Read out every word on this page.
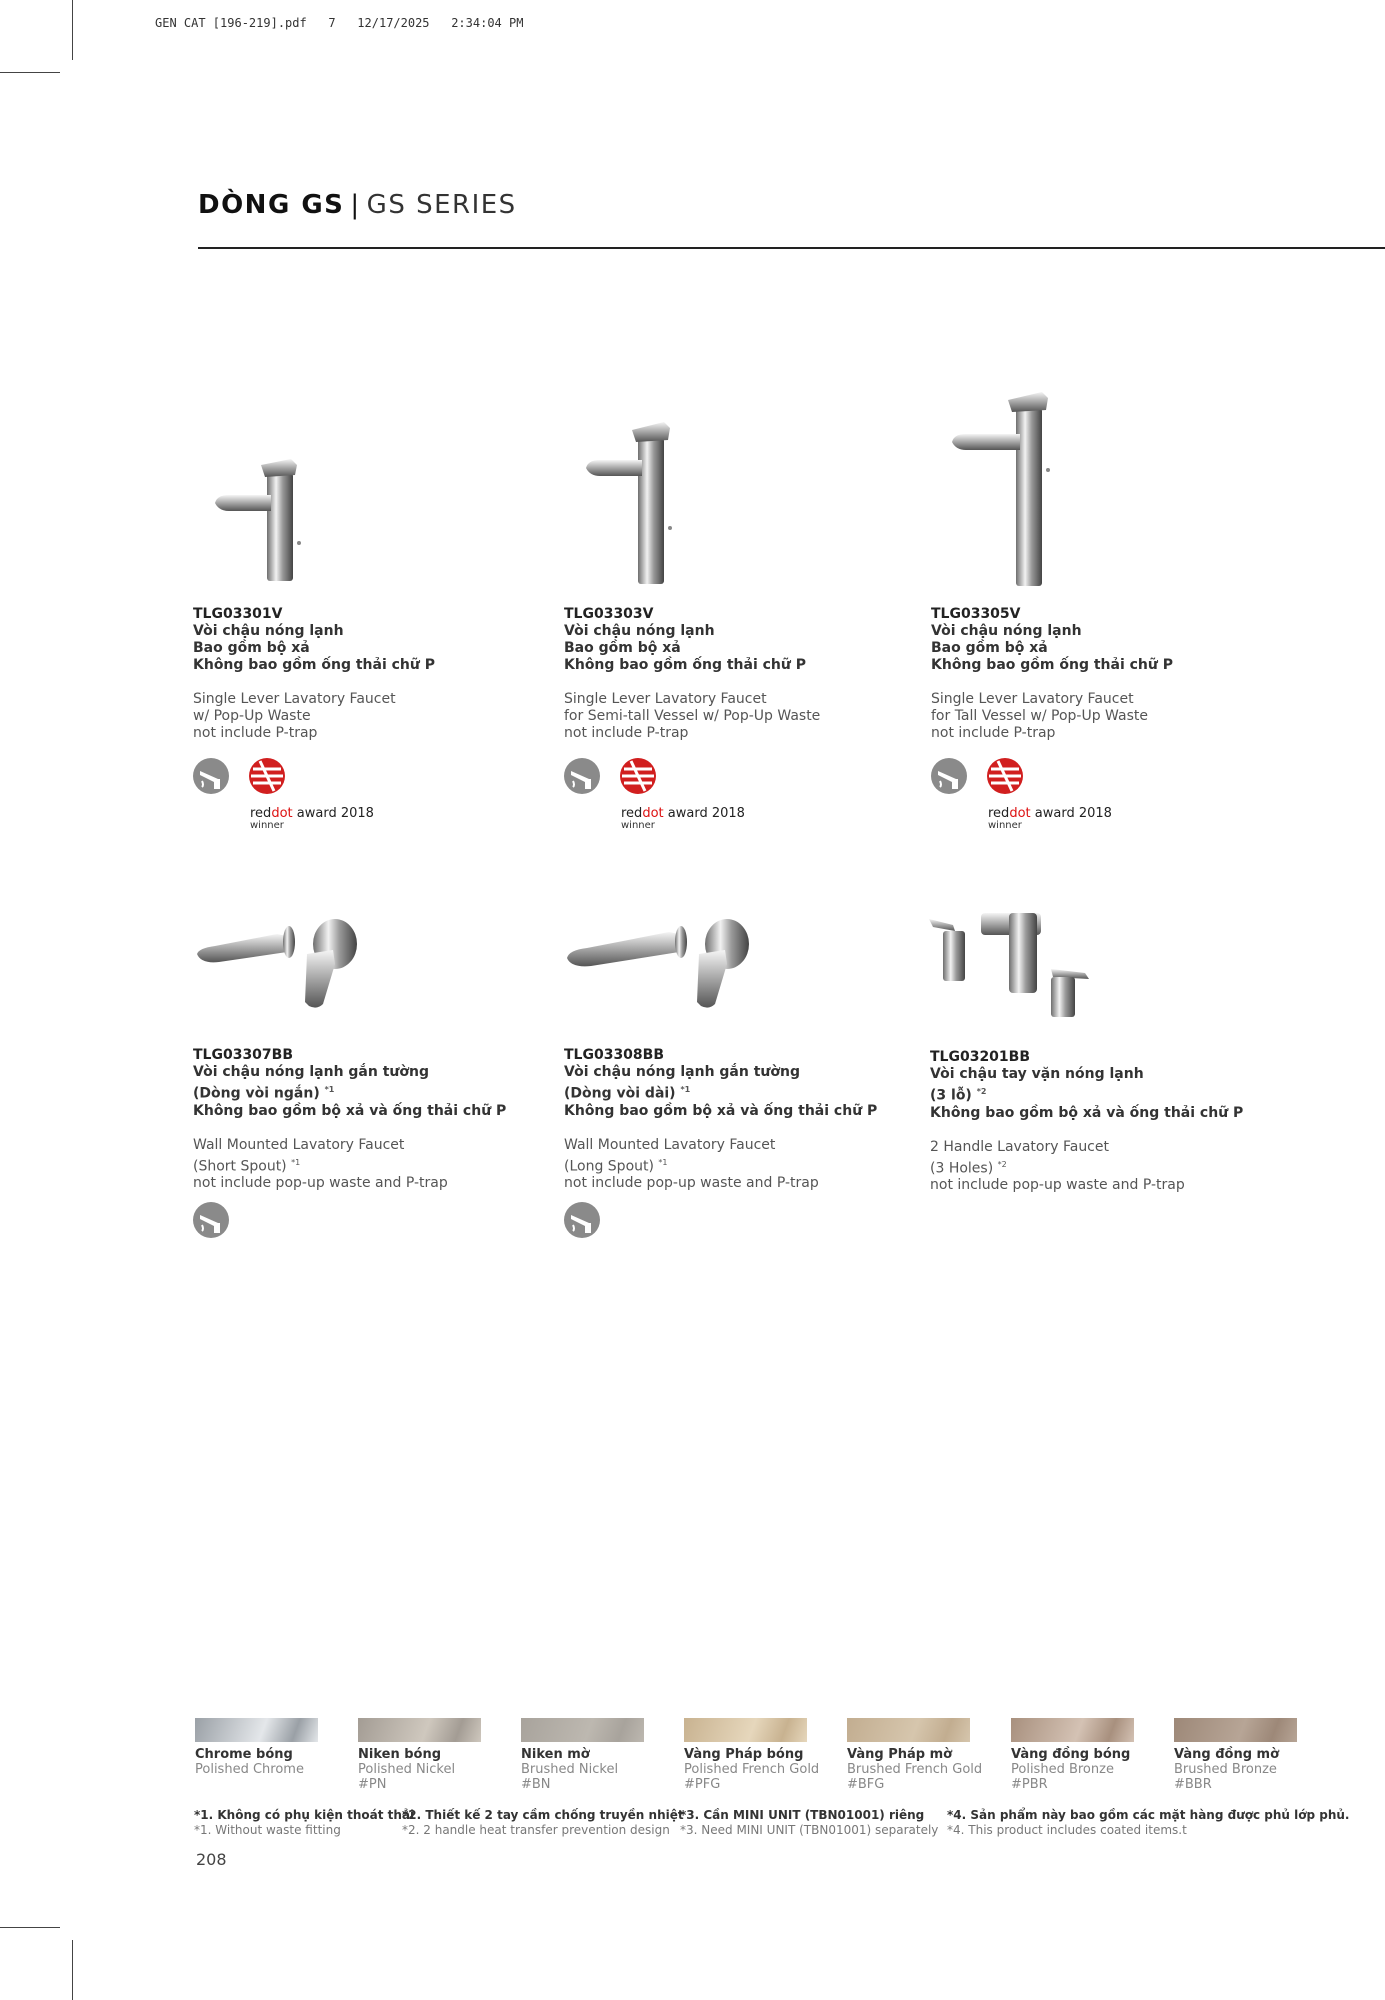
GEN CAT [196-219].pdf   7   12/17/2025   2:34:04 PM
DÒNG GS | GS SERIES
TLG03301V
Vòi chậu nóng lạnh
Bao gồm bộ xả
Không bao gồm ống thải chữ P
Single Lever Lavatory Faucet
w/ Pop-Up Waste
not include P-trap
TLG03303V
Vòi chậu nóng lạnh
Bao gồm bộ xả
Không bao gồm ống thải chữ P
Single Lever Lavatory Faucet
for Semi-tall Vessel w/ Pop-Up Waste
not include P-trap
TLG03305V
Vòi chậu nóng lạnh
Bao gồm bộ xả
Không bao gồm ống thải chữ P
Single Lever Lavatory Faucet
for Tall Vessel w/ Pop-Up Waste
not include P-trap
TLG03307BB
Vòi chậu nóng lạnh gắn tường
(Dòng vòi ngắn) $^{*1}$
Không bao gồm bộ xả và ống thải chữ P
Wall Mounted Lavatory Faucet
(Short Spout) $^{*1}$
not include pop-up waste and P-trap
TLG03308BB
Vòi chậu nóng lạnh gắn tường
(Dòng vòi dài) $^{*1}$
Không bao gồm bộ xả và ống thải chữ P
Wall Mounted Lavatory Faucet
(Long Spout) $^{*1}$
not include pop-up waste and P-trap
TLG03201BB
Vòi chậu tay vặn nóng lạnh
(3 lỗ) $^{*2}$
Không bao gồm bộ xả và ống thải chữ P
2 Handle Lavatory Faucet
(3 Holes) $^{*2}$
not include pop-up waste and P-trap
reddot award 2018
winner
reddot award 2018
winner
reddot award 2018
winner
Chrome bóng
Polished Chrome
Niken bóng
Polished Nickel
#PN
Niken mờ
Brushed Nickel
#BN
Vàng Pháp bóng
Polished French Gold
#PFG
Vàng Pháp mờ
Brushed French Gold
#BFG
Vàng đồng bóng
Polished Bronze
#PBR
Vàng đồng mờ
Brushed Bronze
#BBR
*1. Không có phụ kiện thoát thải
*1. Without waste fitting
*2. Thiết kế 2 tay cầm chống truyền nhiệt
*2. 2 handle heat transfer prevention design
*3. Cần MINI UNIT (TBN01001) riêng
*3. Need MINI UNIT (TBN01001) separately
*4. Sản phẩm này bao gồm các mặt hàng được phủ lớp phủ.
*4. This product includes coated items.t
208
